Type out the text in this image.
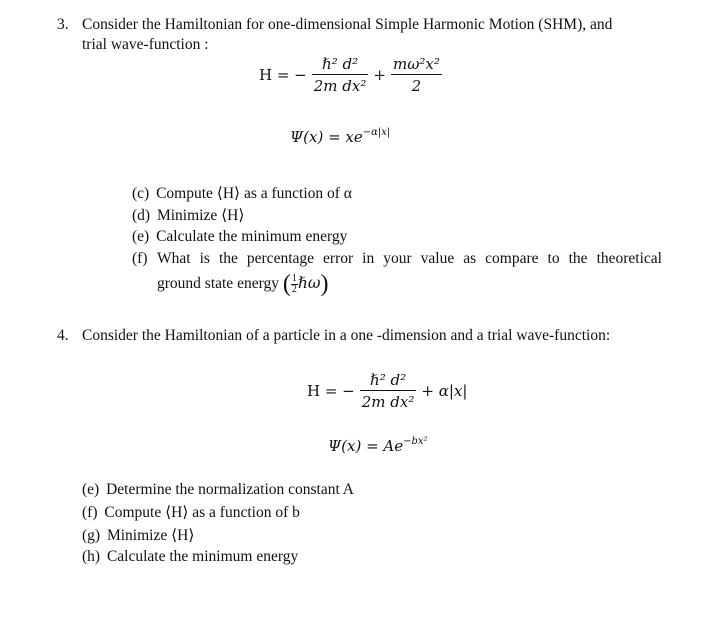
3. Consider the Hamiltonian for one-dimensional Simple Harmonic Motion (SHM), and
trial wave-function :
H = − $\frac{\text{ℏ² d²}}{\text{2m dx²}} + \frac{\text{mω²x²}}{2}$
$\Psi(x) = xe^{-\alpha|x|}$
(c) Compute ⟨H⟩ as a function of α
(d) Minimize ⟨H⟩
(e) Calculate the minimum energy
(f) What is the percentage error in your value as compare to the theoretical
ground state energy ( $\frac{1}{2}$ ℏω)
4. Consider the Hamiltonian of a particle in a one -dimension and a trial wave-function:
H = − $\frac{\text{ℏ² d²}}{\text{2m dx²}} + \alpha|x|$
$\Psi(x) = Ae^{-bx^2}$
(e) Determine the normalization constant A
(f) Compute ⟨H⟩ as a function of b
(g) Minimize ⟨H⟩
(h) Calculate the minimum energy
